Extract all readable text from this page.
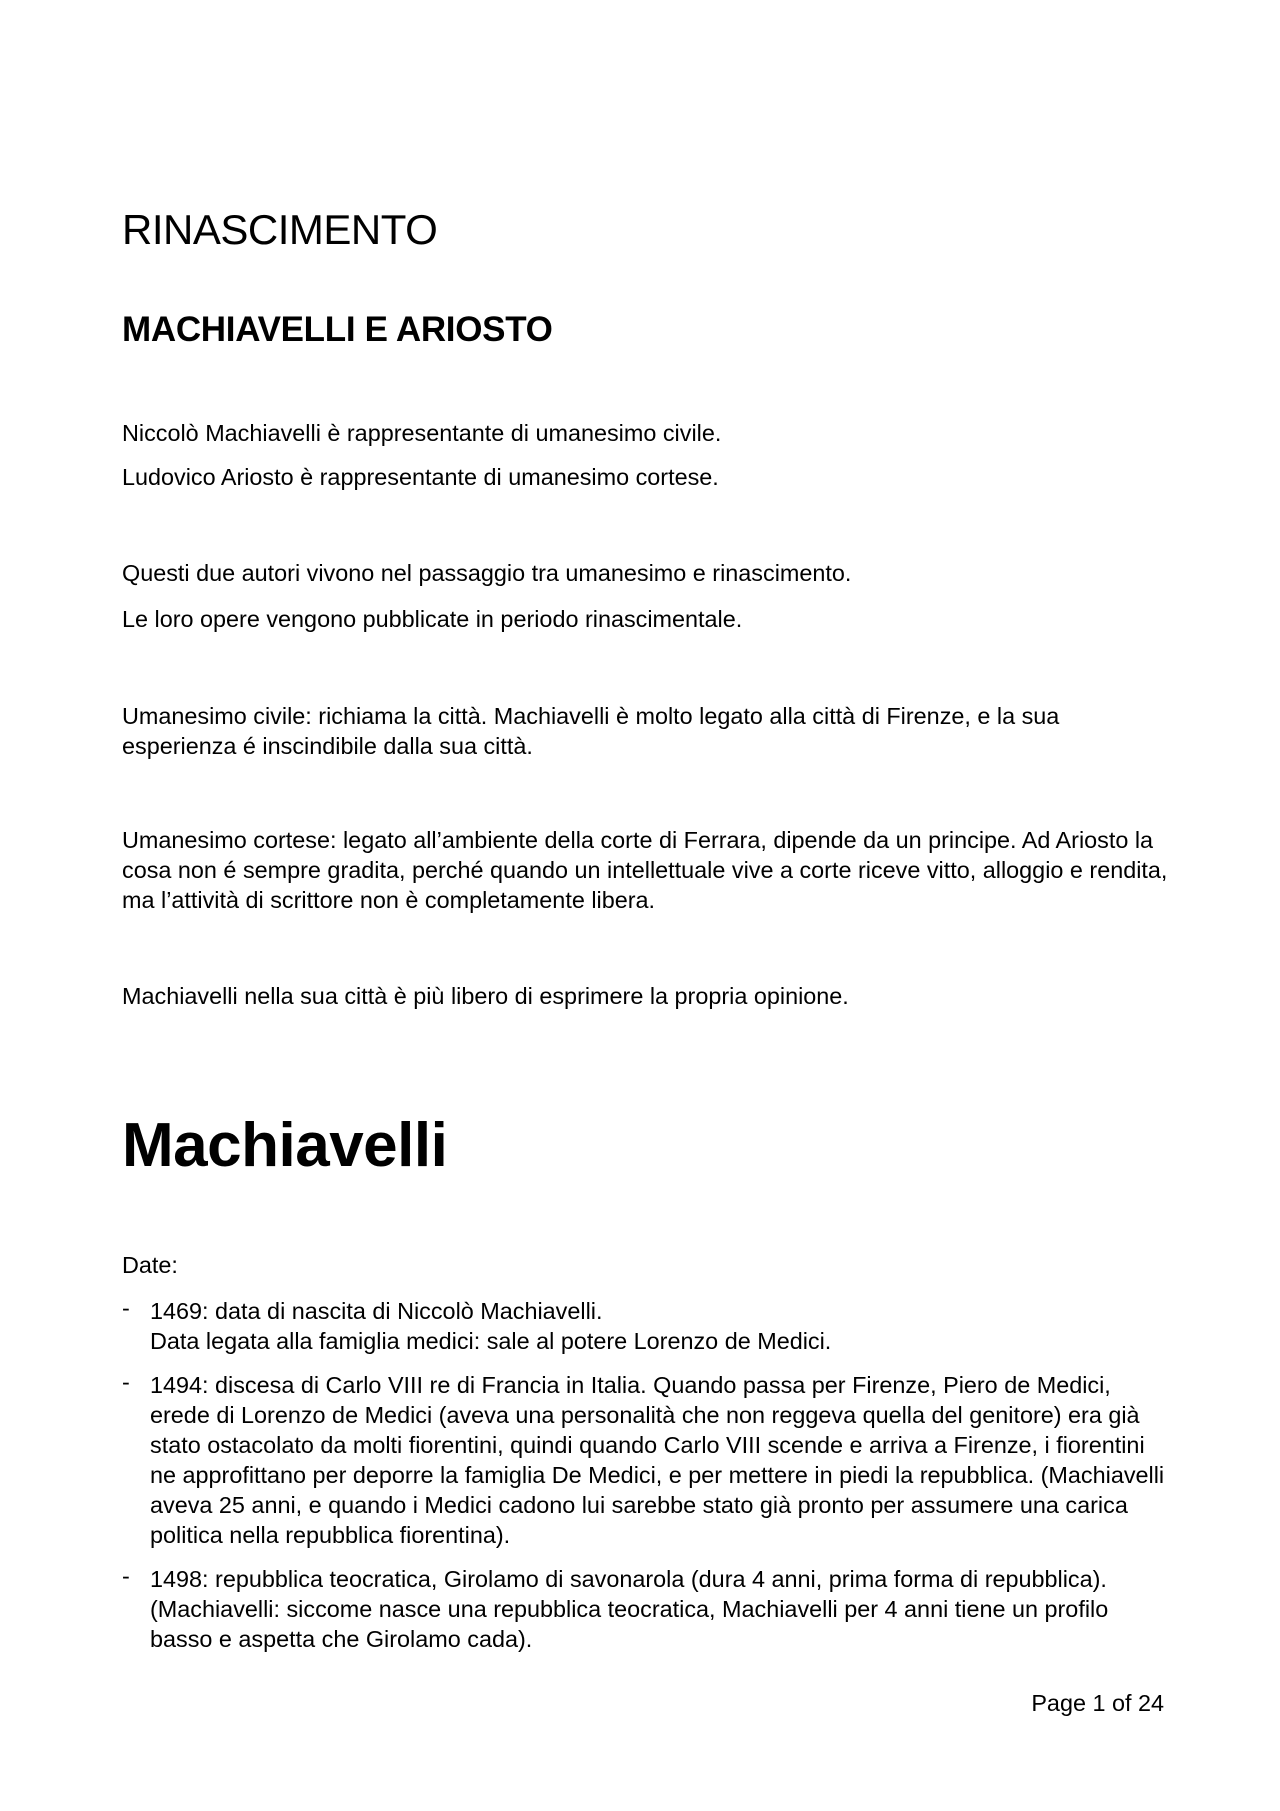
RINASCIMENTO
MACHIAVELLI E ARIOSTO

Niccolò Machiavelli è rappresentante di umanesimo civile.

Ludovico Ariosto è rappresentante di umanesimo cortese.

Questi due autori vivono nel passaggio tra umanesimo e rinascimento.

Le loro opere vengono pubblicate in periodo rinascimentale.

Umanesimo civile: richiama la città. Machiavelli è molto legato alla città di Firenze, e la sua esperienza é inscindibile dalla sua città.

Umanesimo cortese: legato all’ambiente della corte di Ferrara, dipende da un principe. Ad Ariosto la cosa non é sempre gradita, perché quando un intellettuale vive a corte riceve vitto, alloggio e rendita, ma l’attività di scrittore non è completamente libera.

Machiavelli nella sua città è più libero di esprimere la propria opinione.

Machiavelli
Date:
- 1469: data di nascita di Niccolò Machiavelli.
Data legata alla famiglia medici: sale al potere Lorenzo de Medici.
- 1494: discesa di Carlo VIII re di Francia in Italia. Quando passa per Firenze, Piero de Medici, erede di Lorenzo de Medici (aveva una personalità che non reggeva quella del genitore) era già stato ostacolato da molti fiorentini, quindi quando Carlo VIII scende e arriva a Firenze, i fiorentini ne approfittano per deporre la famiglia De Medici, e per mettere in piedi la repubblica. (Machiavelli aveva 25 anni, e quando i Medici cadono lui sarebbe stato già pronto per assumere una carica politica nella repubblica fiorentina).
- 1498: repubblica teocratica, Girolamo di savonarola (dura 4 anni, prima forma di repubblica). (Machiavelli: siccome nasce una repubblica teocratica, Machiavelli per 4 anni tiene un profilo basso e aspetta che Girolamo cada).
Page 1 of 24
